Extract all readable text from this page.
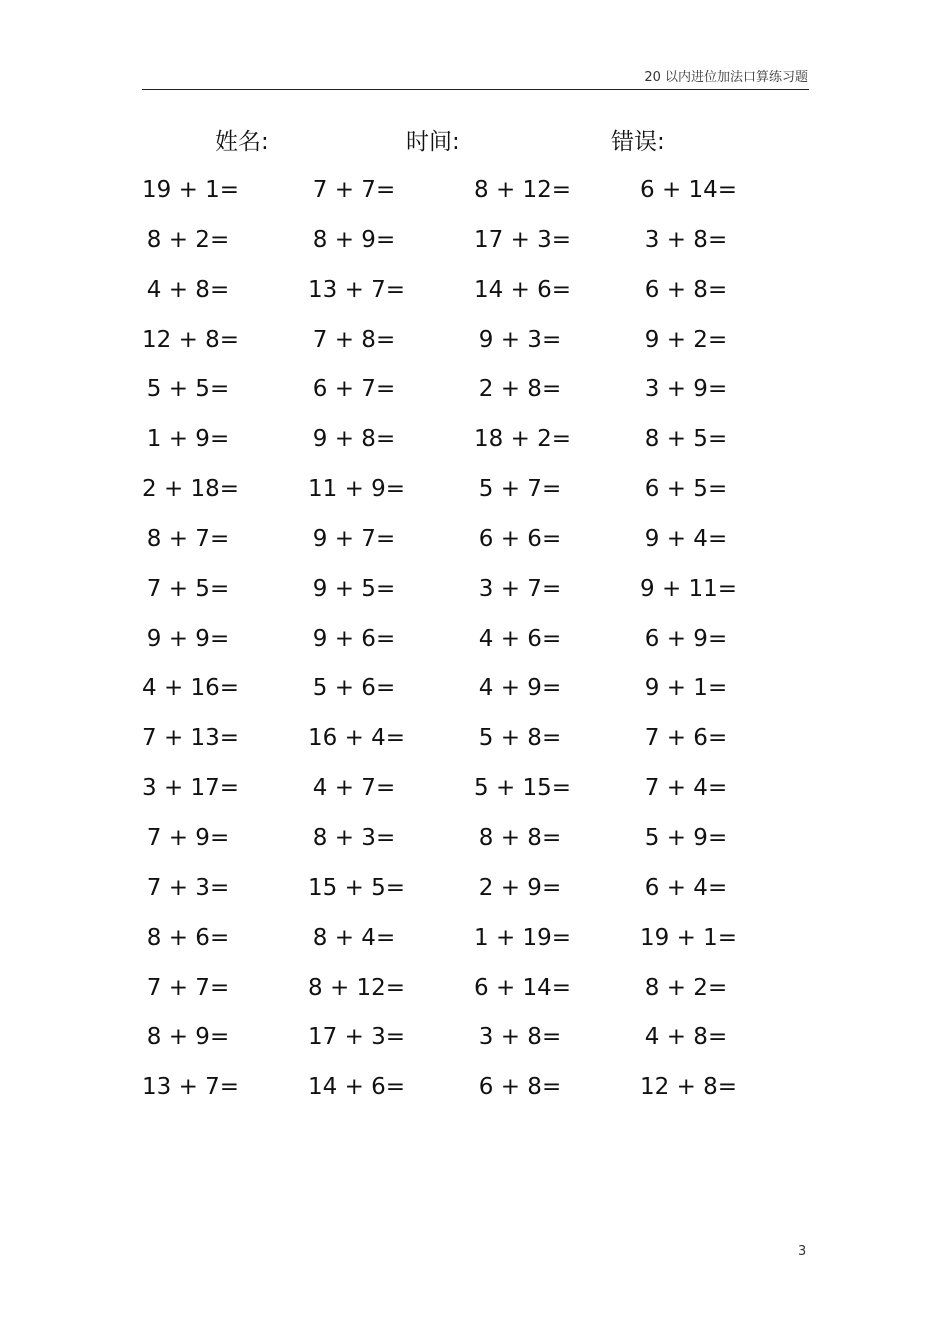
20 以内进位加法口算练习题
姓名:	时间:	错误:
19 + 1=	7 + 7=	8 + 12=	6 + 14=
8 + 2=	8 + 9=	17 + 3=	3 + 8=
4 + 8=	13 + 7=	14 + 6=	6 + 8=
12 + 8=	7 + 8=	9 + 3=	9 + 2=
5 + 5=	6 + 7=	2 + 8=	3 + 9=
1 + 9=	9 + 8=	18 + 2=	8 + 5=
2 + 18=	11 + 9=	5 + 7=	6 + 5=
8 + 7=	9 + 7=	6 + 6=	9 + 4=
7 + 5=	9 + 5=	3 + 7=	9 + 11=
9 + 9=	9 + 6=	4 + 6=	6 + 9=
4 + 16=	5 + 6=	4 + 9=	9 + 1=
7 + 13=	16 + 4=	5 + 8=	7 + 6=
3 + 17=	4 + 7=	5 + 15=	7 + 4=
7 + 9=	8 + 3=	8 + 8=	5 + 9=
7 + 3=	15 + 5=	2 + 9=	6 + 4=
8 + 6=	8 + 4=	1 + 19=	19 + 1=
7 + 7=	8 + 12=	6 + 14=	8 + 2=
8 + 9=	17 + 3=	3 + 8=	4 + 8=
13 + 7=	14 + 6=	6 + 8=	12 + 8=
3
